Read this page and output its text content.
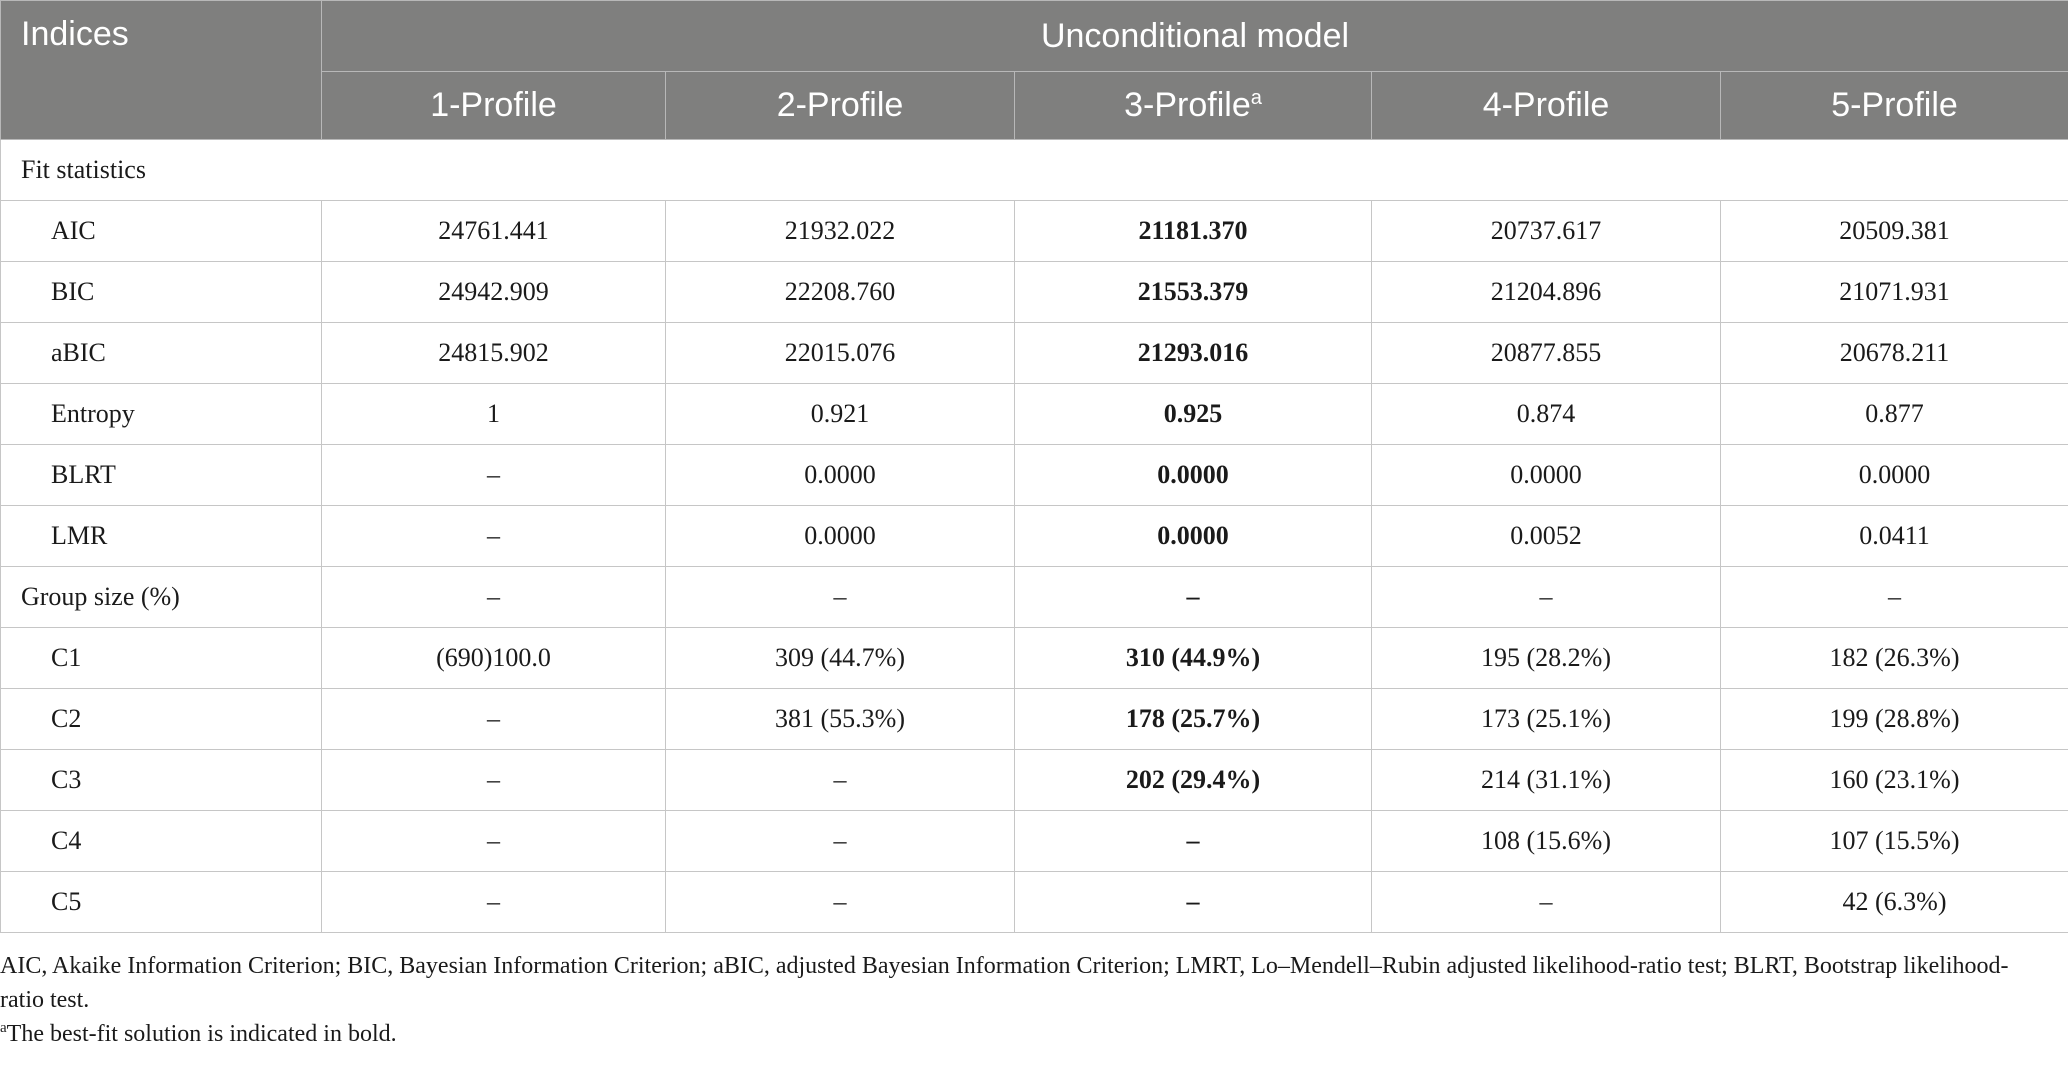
Indices	Unconditional model				
	1-Profile	2-Profile	3-Profile$^a$	4-Profile	5-Profile
Fit statistics					
AIC	24761.441	21932.022	21181.370	20737.617	20509.381
BIC	24942.909	22208.760	21553.379	21204.896	21071.931
aBIC	24815.902	22015.076	21293.016	20877.855	20678.211
Entropy	1	0.921	0.925	0.874	0.877
BLRT	–	0.0000	0.0000	0.0000	0.0000
LMR	–	0.0000	0.0000	0.0052	0.0411
Group size (%)	–	–	–	–	–
C1	(690)100.0	309 (44.7%)	310 (44.9%)	195 (28.2%)	182 (26.3%)
C2	–	381 (55.3%)	178 (25.7%)	173 (25.1%)	199 (28.8%)
C3	–	–	202 (29.4%)	214 (31.1%)	160 (23.1%)
C4	–	–	–	108 (15.6%)	107 (15.5%)
C5	–	–	–	–	42 (6.3%)

AIC, Akaike Information Criterion; BIC, Bayesian Information Criterion; aBIC, adjusted Bayesian Information Criterion; LMRT, Lo–Mendell–Rubin adjusted likelihood-ratio test; BLRT, Bootstrap likelihood-ratio test.

$^a$The best-fit solution is indicated in bold.
